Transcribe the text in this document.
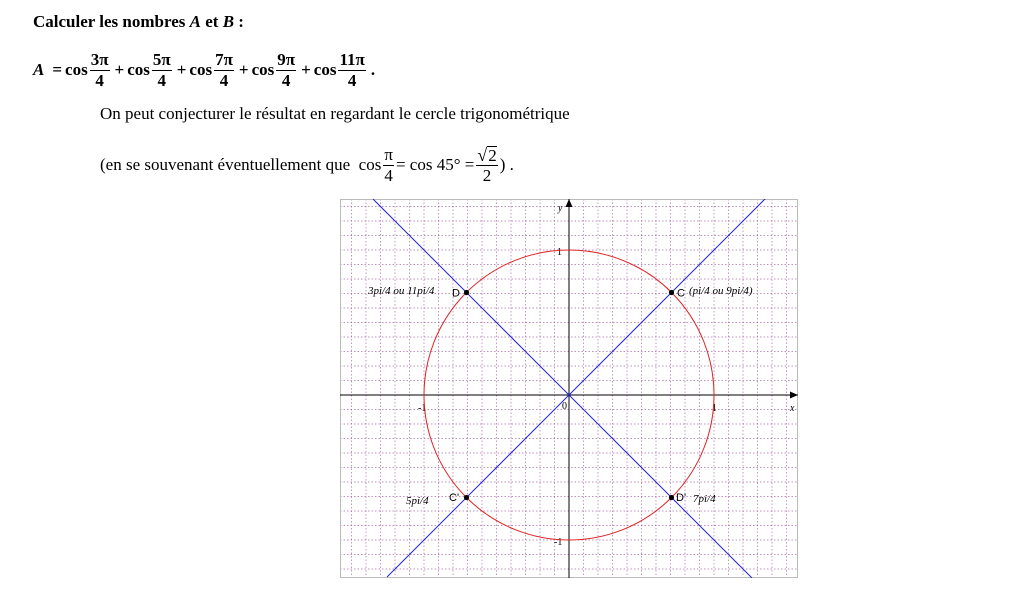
Calculer les nombres A et B :
$A = \cos \frac{3\pi}{4} + \cos \frac{5\pi}{4} + \cos \frac{7\pi}{4} + \cos \frac{9\pi}{4} + \cos \frac{11\pi}{4}$ .
On peut conjecturer le résultat en regardant le cercle trigonométrique
(en se souvenant éventuellement que  $\cos \frac{\pi}{4} = \cos 45^\circ = \frac{√ 2}{2}$ ) .
x
y
0	1
-1
1
-1
C (pi/4 ou 9pi/4)
D
3pi/4 ou 11pi/4
C'
5pi/4	D' 7pi/4
